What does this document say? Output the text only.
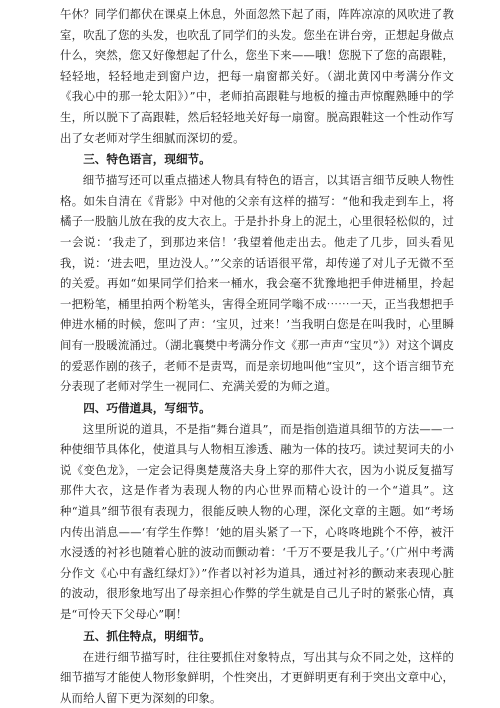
午休？同学们都伏在课桌上休息，外面忽然下起了雨，阵阵凉凉的风吹进了教室，吹乱了您的头发，也吹乱了同学们的头发。您坐在讲台旁，正想起身做点什么，突然，您又好像想起了什么，您坐下来——哦！您脱下了您的高跟鞋，轻轻地，轻轻地走到窗户边，把每一扇窗都关好。（湖北黄冈中考满分作文《我心中的那一轮太阳》）”中，老师拍高跟鞋与地板的撞击声惊醒熟睡中的学生，所以脱下了高跟鞋，然后轻轻地关好每一扇窗。脱高跟鞋这一个性动作写出了女老师对学生细腻而深切的爱。

三、特色语言，现细节。

细节描写还可以重点描述人物具有特色的语言，以其语言细节反映人物性格。如朱自清在《背影》中对他的父亲有这样的描写：“他和我走到车上，将橘子一股脑儿放在我的皮大衣上。于是扑扑身上的泥土，心里很轻松似的，过一会说：‘我走了，到那边来信！’我望着他走出去。他走了几步，回头看见我，说：‘进去吧，里边没人。’”父亲的话语很平常，却传递了对儿子无微不至的关爱。再如“如果同学们拾来一桶水，我会毫不犹豫地把手伸进桶里，拎起一把粉笔，桶里拍两个粉笔头，害得全班同学嗡不成⋯⋯一天，正当我想把手伸进水桶的时候，您叫了声：‘宝贝，过来！’当我明白您是在叫我时，心里瞬间有一股暖流涌过。（湖北襄樊中考满分作文《那一声声“宝贝”》）对这个调皮的爱恶作剧的孩子，老师不是责骂，而是亲切地叫他“宝贝”，这个语言细节充分表现了老师对学生一视同仁、充满关爱的为师之道。

四、巧借道具，写细节。

这里所说的道具，不是指“舞台道具”，而是指创造道具细节的方法——一种使细节具体化，使道具与人物相互渗透、融为一体的技巧。读过契诃夫的小说《变色龙》，一定会记得奥楚蔑洛夫身上穿的那件大衣，因为小说反复描写那件大衣，这是作者为表现人物的内心世界而精心设计的一个“道具”。这种“道具”细节很有表现力，很能反映人物的心理，深化文章的主题。如“考场内传出消息——‘有学生作弊！’她的眉头紧了一下，心咚咚地跳个不停，被汗水浸透的衬衫也随着心脏的波动而颤动着：‘千万不要是我儿子。’（广州中考满分作文《心中有盏红绿灯》）”作者以衬衫为道具，通过衬衫的颤动来表现心脏的波动，很形象地写出了母亲担心作弊的学生就是自己儿子时的紧张心情，真是“可怜天下父母心”啊！

五、抓住特点，明细节。

在进行细节描写时，往往要抓住对象特点，写出其与众不同之处，这样的细节描写才能使人物形象鲜明，个性突出，才更鲜明更有利于突出文章中心，从而给人留下更为深刻的印象。
